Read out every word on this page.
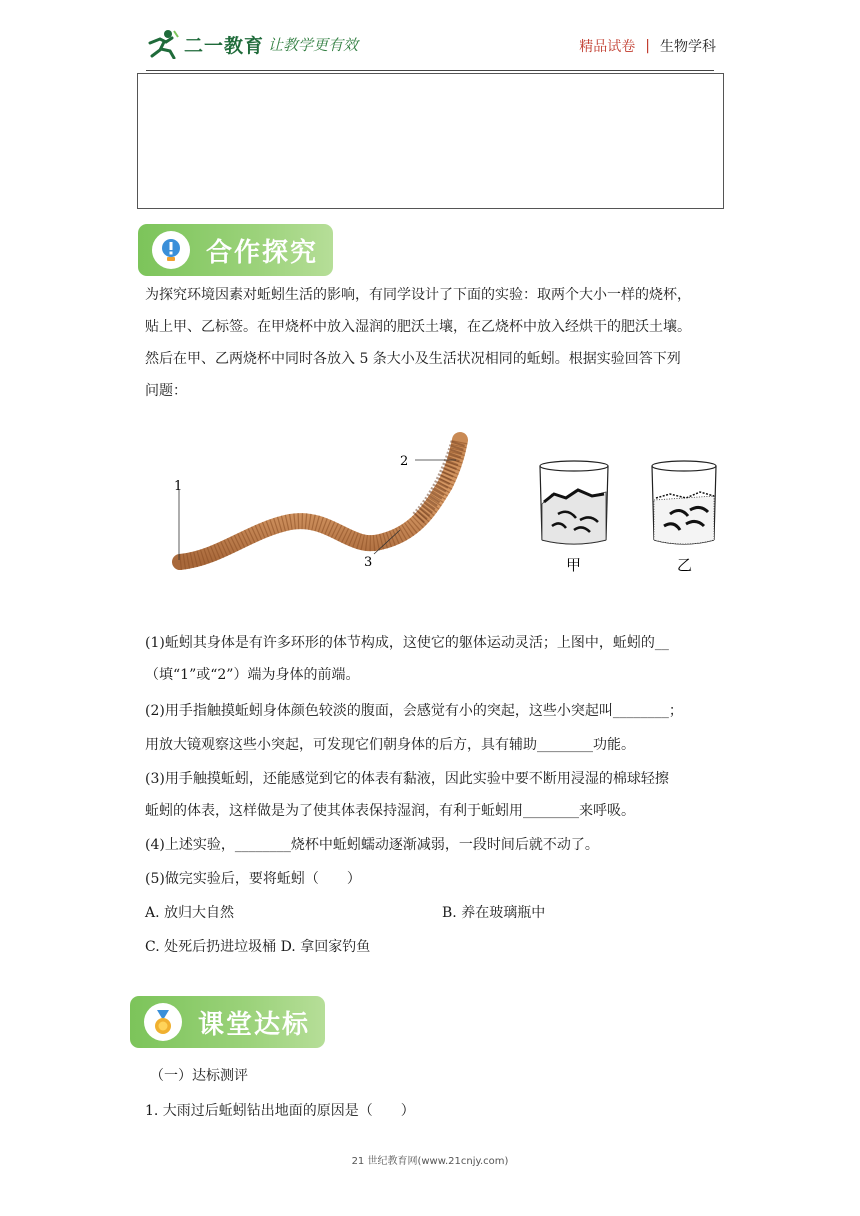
二一教育 让教学更有效	精品试卷 | 生物学科
合作探究
为探究环境因素对蚯蚓生活的影响，有同学设计了下面的实验：取两个大小一样的烧杯，
贴上甲、乙标签。在甲烧杯中放入湿润的肥沃土壤，在乙烧杯中放入经烘干的肥沃土壤。
然后在甲、乙两烧杯中同时各放入 5 条大小及生活状况相同的蚯蚓。根据实验回答下列
问题：
1
2
3	甲	乙
(1)蚯蚓其身体是有许多环形的体节构成，这使它的躯体运动灵活；上图中，蚯蚓的__
（填“1”或“2”）端为身体的前端。
(2)用手指触摸蚯蚓身体颜色较淡的腹面，会感觉有小的突起，这些小突起叫________；
用放大镜观察这些小突起，可发现它们朝身体的后方，具有辅助________功能。
(3)用手触摸蚯蚓，还能感觉到它的体表有黏液，因此实验中要不断用浸湿的棉球轻擦
蚯蚓的体表，这样做是为了使其体表保持湿润，有利于蚯蚓用________来呼吸。
(4)上述实验，________烧杯中蚯蚓蠕动逐渐减弱，一段时间后就不动了。
(5)做完实验后，要将蚯蚓（　　）
A. 放归大自然	B. 养在玻璃瓶中
C. 处死后扔进垃圾桶 D. 拿回家钓鱼
课堂达标
（一）达标测评
1. 大雨过后蚯蚓钻出地面的原因是（　　）
21 世纪教育网(www.21cnjy.com)
